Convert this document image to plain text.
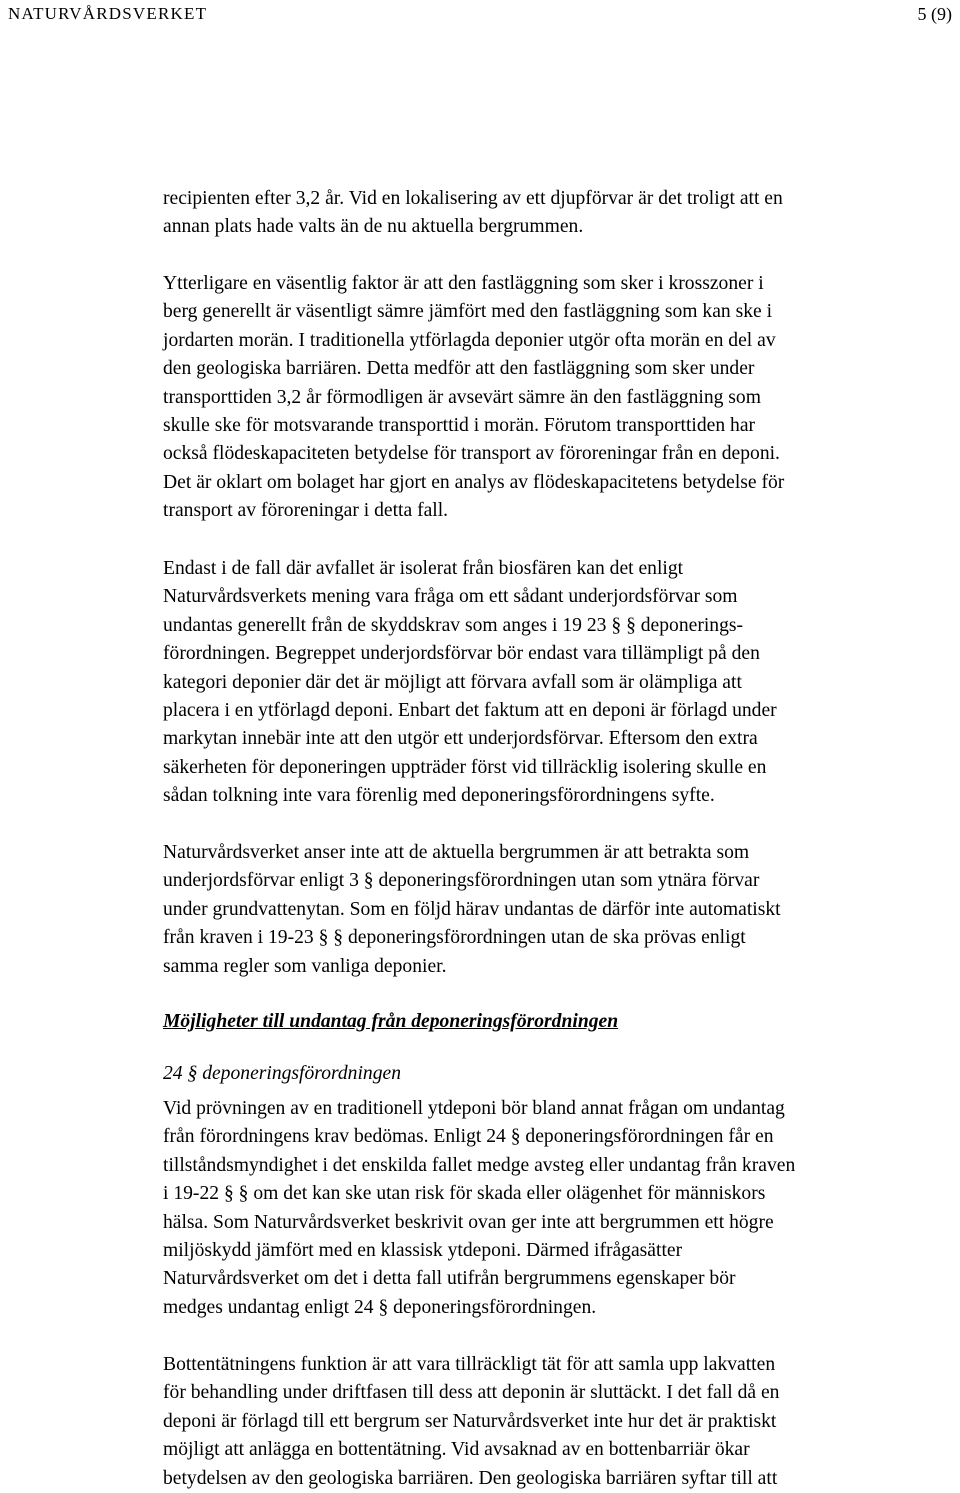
NATURVÅRDSVERKET	5 (9)

recipienten efter 3,2 år. Vid en lokalisering av ett djupförvar är det troligt att en
annan plats hade valts än de nu aktuella bergrummen.

Ytterligare en väsentlig faktor är att den fastläggning som sker i krosszoner i
berg generellt är väsentligt sämre jämfört med den fastläggning som kan ske i
jordarten morän. I traditionella ytförlagda deponier utgör ofta morän en del av
den geologiska barriären. Detta medför att den fastläggning som sker under
transporttiden 3,2 år förmodligen är avsevärt sämre än den fastläggning som
skulle ske för motsvarande transporttid i morän. Förutom transporttiden har
också flödeskapaciteten betydelse för transport av föroreningar från en deponi.
Det är oklart om bolaget har gjort en analys av flödeskapacitetens betydelse för
transport av föroreningar i detta fall.

Endast i de fall där avfallet är isolerat från biosfären kan det enligt
Naturvårdsverkets mening vara fråga om ett sådant underjordsförvar som
undantas generellt från de skyddskrav som anges i 19 23 § § deponerings-
förordningen. Begreppet underjordsförvar bör endast vara tillämpligt på den
kategori deponier där det är möjligt att förvara avfall som är olämpliga att
placera i en ytförlagd deponi. Enbart det faktum att en deponi är förlagd under
markytan innebär inte att den utgör ett underjordsförvar. Eftersom den extra
säkerheten för deponeringen uppträder först vid tillräcklig isolering skulle en
sådan tolkning inte vara förenlig med deponeringsförordningens syfte.

Naturvårdsverket anser inte att de aktuella bergrummen är att betrakta som
underjordsförvar enligt 3 § deponeringsförordningen utan som ytnära förvar
under grundvattenytan. Som en följd härav undantas de därför inte automatiskt
från kraven i 19-23 § § deponeringsförordningen utan de ska prövas enligt
samma regler som vanliga deponier.

Möjligheter till undantag från deponeringsförordningen

24 § deponeringsförordningen

Vid prövningen av en traditionell ytdeponi bör bland annat frågan om undantag
från förordningens krav bedömas. Enligt 24 § deponeringsförordningen får en
tillståndsmyndighet i det enskilda fallet medge avsteg eller undantag från kraven
i 19-22 § § om det kan ske utan risk för skada eller olägenhet för människors
hälsa. Som Naturvårdsverket beskrivit ovan ger inte att bergrummen ett högre
miljöskydd jämfört med en klassisk ytdeponi. Därmed ifrågasätter
Naturvårdsverket om det i detta fall utifrån bergrummens egenskaper bör
medges undantag enligt 24 § deponeringsförordningen.

Bottentätningens funktion är att vara tillräckligt tät för att samla upp lakvatten
för behandling under driftfasen till dess att deponin är sluttäckt. I det fall då en
deponi är förlagd till ett bergrum ser Naturvårdsverket inte hur det är praktiskt
möjligt att anlägga en bottentätning. Vid avsaknad av en bottenbarriär ökar
betydelsen av den geologiska barriären. Den geologiska barriären syftar till att
